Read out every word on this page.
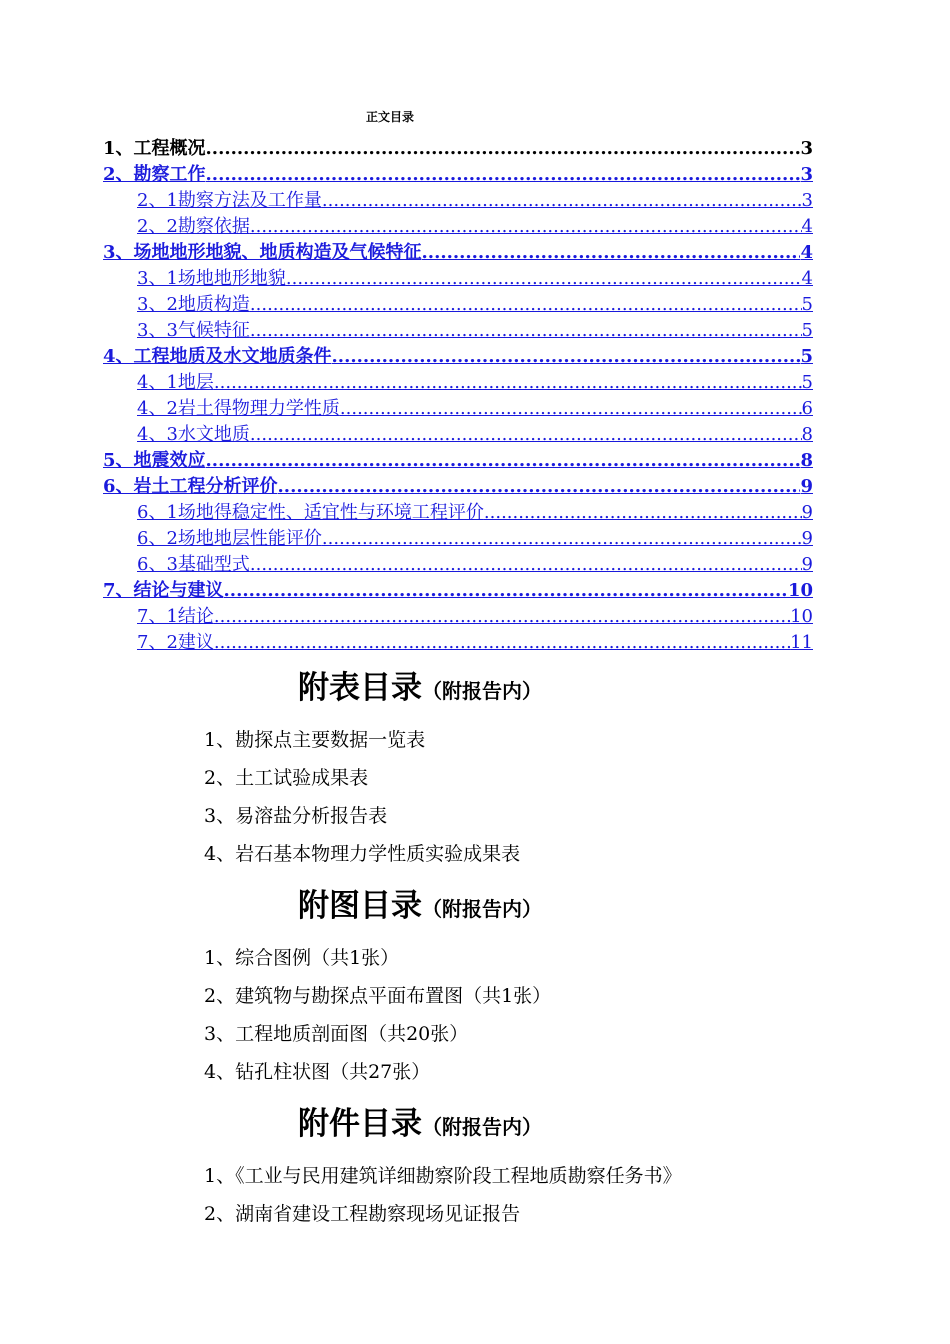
正文目录
1、工程概况 .....	3
2、勘察工作 .....	3
2、1勘察方法及工作量 .....	3
2、2勘察依据 .....	4
3、场地地形地貌、地质构造及气候特征 .....	4
3、1场地地形地貌 .....	4
3、2地质构造 .....	5
3、3气候特征 .....	5
4、工程地质及水文地质条件 .....	5
4、1地层 .....	5
4、2岩土得物理力学性质 .....	6
4、3水文地质 .....	8
5、地震效应 .....	8
6、岩土工程分析评价 .....	9
6、1场地得稳定性、适宜性与环境工程评价 .....	9
6、2场地地层性能评价 .....	9
6、3基础型式 .....	9
7、结论与建议 .....	10
7、1结论 .....	10
7、2建议 .....	11
附表目录（附报告内）
1、勘探点主要数据一览表
2、土工试验成果表
3、易溶盐分析报告表
4、岩石基本物理力学性质实验成果表
附图目录（附报告内）
1、综合图例（共1张）
2、建筑物与勘探点平面布置图（共1张）
3、工程地质剖面图（共20张）
4、钻孔柱状图（共27张）
附件目录（附报告内）
1、《工业与民用建筑详细勘察阶段工程地质勘察任务书》
2、湖南省建设工程勘察现场见证报告
